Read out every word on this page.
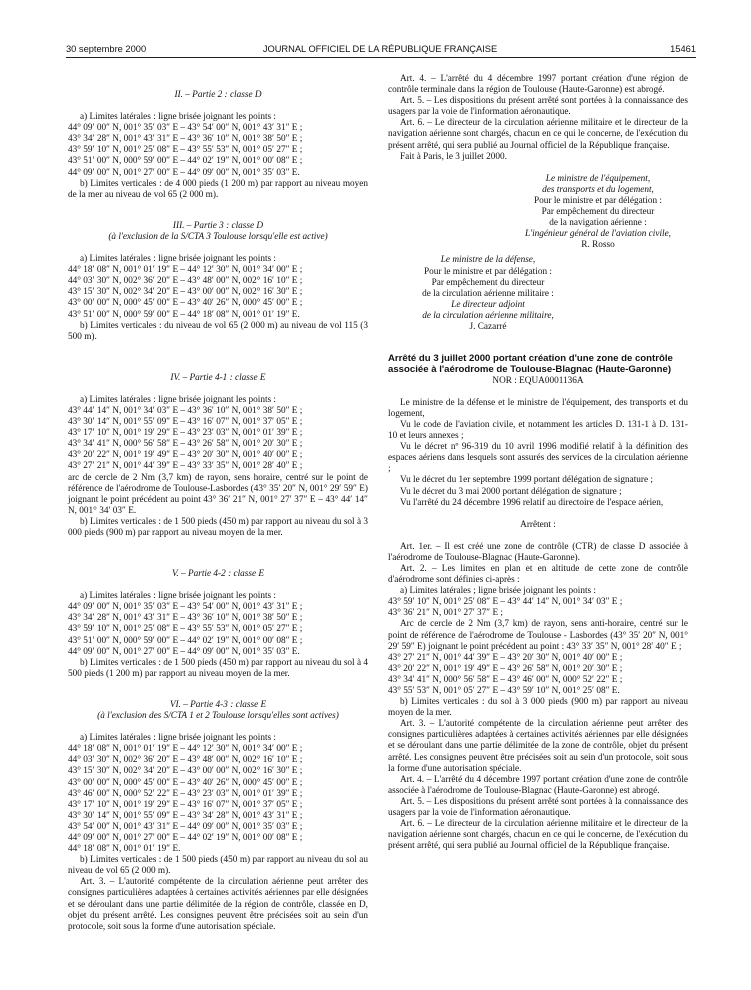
30 septembre 2000	JOURNAL OFFICIEL DE LA RÉPUBLIQUE FRANÇAISE	15461

II. – Partie 2 : classe D

a) Limites latérales : ligne brisée joignant les points :

44° 09′ 00″ N, 001° 35′ 03″ E – 43° 54′ 00″ N, 001° 43′ 31″ E ;

43° 34′ 28″ N, 001° 43′ 31″ E – 43° 36′ 10″ N, 001° 38′ 50″ E ;

43° 59′ 10″ N, 001° 25′ 08″ E – 43° 55′ 53″ N, 001° 05′ 27″ E ;

43° 51′ 00″ N, 000° 59′ 00″ E – 44° 02′ 19″ N, 001° 00′ 08″ E ;

44° 09′ 00″ N, 001° 27′ 00″ E – 44° 09′ 00″ N, 001° 35′ 03″ E.

b) Limites verticales : de 4 000 pieds (1 200 m) par rapport au niveau moyen de la mer au niveau de vol 65 (2 000 m).

III. – Partie 3 : classe D

(à l'exclusion de la S/CTA 3 Toulouse lorsqu'elle est active)

a) Limites latérales : ligne brisée joignant les points :

44° 18′ 08″ N, 001° 01′ 19″ E – 44° 12′ 30″ N, 001° 34′ 00″ E ;

44° 03′ 30″ N, 002° 36′ 20″ E – 43° 48′ 00″ N, 002° 16′ 10″ E ;

43° 15′ 30″ N, 002° 34′ 20″ E – 43° 00′ 00″ N, 002° 16′ 30″ E ;

43° 00′ 00″ N, 000° 45′ 00″ E – 43° 40′ 26″ N, 000° 45′ 00″ E ;

43° 51′ 00″ N, 000° 59′ 00″ E – 44° 18′ 08″ N, 001° 01′ 19″ E.

b) Limites verticales : du niveau de vol 65 (2 000 m) au niveau de vol 115 (3 500 m).

IV. – Partie 4-1 : classe E

a) Limites latérales : ligne brisée joignant les points :

43° 44′ 14″ N, 001° 34′ 03″ E – 43° 36′ 10″ N, 001° 38′ 50″ E ;

43° 30′ 14″ N, 001° 55′ 09″ E – 43° 16′ 07″ N, 001° 37′ 05″ E ;

43° 17′ 10″ N, 001° 19′ 29″ E – 43° 23′ 03″ N, 001° 01′ 39″ E ;

43° 34′ 41″ N, 000° 56′ 58″ E – 43° 26′ 58″ N, 001° 20′ 30″ E ;

43° 20′ 22″ N, 001° 19′ 49″ E – 43° 20′ 30″ N, 001° 40′ 00″ E ;

43° 27′ 21″ N, 001° 44′ 39″ E – 43° 33′ 35″ N, 001° 28′ 40″ E ;

arc de cercle de 2 Nm (3,7 km) de rayon, sens horaire, centré sur le point de référence de l'aérodrome de Toulouse-Lasbordes (43° 35′ 20″ N, 001° 29′ 59″ E) joignant le point précédent au point 43° 36′ 21″ N, 001° 27′ 37″ E – 43° 44′ 14″ N, 001° 34′ 03″ E.

b) Limites verticales : de 1 500 pieds (450 m) par rapport au niveau du sol à 3 000 pieds (900 m) par rapport au niveau moyen de la mer.

V. – Partie 4-2 : classe E

a) Limites latérales : ligne brisée joignant les points :

44° 09′ 00″ N, 001° 35′ 03″ E – 43° 54′ 00″ N, 001° 43′ 31″ E ;

43° 34′ 28″ N, 001° 43′ 31″ E – 43° 36′ 10″ N, 001° 38′ 50″ E ;

43° 59′ 10″ N, 001° 25′ 08″ E – 43° 55′ 53″ N, 001° 05′ 27″ E ;

43° 51′ 00″ N, 000° 59′ 00″ E – 44° 02′ 19″ N, 001° 00′ 08″ E ;

44° 09′ 00″ N, 001° 27′ 00″ E – 44° 09′ 00″ N, 001° 35′ 03″ E.

b) Limites verticales : de 1 500 pieds (450 m) par rapport au niveau du sol à 4 500 pieds (1 200 m) par rapport au niveau moyen de la mer.

VI. – Partie 4-3 : classe E

(à l'exclusion des S/CTA 1 et 2 Toulouse lorsqu'elles sont actives)

a) Limites latérales : ligne brisée joignant les points :

44° 18′ 08″ N, 001° 01′ 19″ E – 44° 12′ 30″ N, 001° 34′ 00″ E ;

44° 03′ 30″ N, 002° 36′ 20″ E – 43° 48′ 00″ N, 002° 16′ 10″ E ;

43° 15′ 30″ N, 002° 34′ 20″ E – 43° 00′ 00″ N, 002° 16′ 30″ E ;

43° 00′ 00″ N, 000° 45′ 00″ E – 43° 40′ 26″ N, 000° 45′ 00″ E ;

43° 46′ 00″ N, 000° 52′ 22″ E – 43° 23′ 03″ N, 001° 01′ 39″ E ;

43° 17′ 10″ N, 001° 19′ 29″ E – 43° 16′ 07″ N, 001° 37′ 05″ E ;

43° 30′ 14″ N, 001° 55′ 09″ E – 43° 34′ 28″ N, 001° 43′ 31″ E ;

43° 54′ 00″ N, 001° 43′ 31″ E – 44° 09′ 00″ N, 001° 35′ 03″ E ;

44° 09′ 00″ N, 001° 27′ 00″ E – 44° 02′ 19″ N, 001° 00′ 08″ E ;

44° 18′ 08″ N, 001° 01′ 19″ E.

b) Limites verticales : de 1 500 pieds (450 m) par rapport au niveau du sol au niveau de vol 65 (2 000 m).

Art. 3. – L'autorité compétente de la circulation aérienne peut arrêter des consignes particulières adaptées à certaines activités aériennes par elle désignées et se déroulant dans une partie délimitée de la région de contrôle, classée en D, objet du présent arrêté. Les consignes peuvent être précisées soit au sein d'un protocole, soit sous la forme d'une autorisation spéciale.

Art. 4. – L'arrêté du 4 décembre 1997 portant création d'une région de contrôle terminale dans la région de Toulouse (Haute-Garonne) est abrogé.

Art. 5. – Les dispositions du présent arrêté sont portées à la connaissance des usagers par la voie de l'information aéronautique.

Art. 6. – Le directeur de la circulation aérienne militaire et le directeur de la navigation aérienne sont chargés, chacun en ce qui le concerne, de l'exécution du présent arrêté, qui sera publié au Journal officiel de la République française.

Fait à Paris, le 3 juillet 2000.

Le ministre de l'équipement,

des transports et du logement,

Pour le ministre et par délégation :

Par empêchement du directeur

de la navigation aérienne :

L'ingénieur général de l'aviation civile,

R. Rosso

Le ministre de la défense,

Pour le ministre et par délégation :

Par empêchement du directeur

de la circulation aérienne militaire :

Le directeur adjoint

de la circulation aérienne militaire,

J. Cazarré

Arrêté du 3 juillet 2000 portant création d'une zone de contrôle associée à l'aérodrome de Toulouse-Blagnac (Haute-Garonne)

NOR : EQUA0001136A

Le ministre de la défense et le ministre de l'équipement, des transports et du logement,

Vu le code de l'aviation civile, et notamment les articles D. 131-1 à D. 131-10 et leurs annexes ;

Vu le décret nº 96-319 du 10 avril 1996 modifié relatif à la définition des espaces aériens dans lesquels sont assurés des services de la circulation aérienne ;

Vu le décret du 1er septembre 1999 portant délégation de signature ;

Vu le décret du 3 mai 2000 portant délégation de signature ;

Vu l'arrêté du 24 décembre 1996 relatif au directoire de l'espace aérien,

Arrêtent :

Art. 1er. – Il est créé une zone de contrôle (CTR) de classe D associée à l'aérodrome de Toulouse-Blagnac (Haute-Garonne).

Art. 2. – Les limites en plan et en altitude de cette zone de contrôle d'aérodrome sont définies ci-après :

a) Limites latérales ; ligne brisée joignant les points :

43° 59′ 10″ N, 001° 25′ 08″ E – 43° 44′ 14″ N, 001° 34′ 03″ E ;

43° 36′ 21″ N, 001° 27′ 37″ E ;

Arc de cercle de 2 Nm (3,7 km) de rayon, sens anti-horaire, centré sur le point de référence de l'aérodrome de Toulouse - Lasbordes (43° 35′ 20″ N, 001° 29′ 59″ E) joignant le point précédent au point : 43° 33′ 35″ N, 001° 28′ 40″ E ;

43° 27′ 21″ N, 001° 44′ 39″ E – 43° 20′ 30″ N, 001° 40′ 00″ E ;

43° 20′ 22″ N, 001° 19′ 49″ E – 43° 26′ 58″ N, 001° 20′ 30″ E ;

43° 34′ 41″ N, 000° 56′ 58″ E – 43° 46′ 00″ N, 000° 52′ 22″ E ;

43° 55′ 53″ N, 001° 05′ 27″ E – 43° 59′ 10″ N, 001° 25′ 08″ E.

b) Limites verticales : du sol à 3 000 pieds (900 m) par rapport au niveau moyen de la mer.

Art. 3. – L'autorité compétente de la circulation aérienne peut arrêter des consignes particulières adaptées à certaines activités aériennes par elle désignées et se déroulant dans une partie délimitée de la zone de contrôle, objet du présent arrêté. Les consignes peuvent être précisées soit au sein d'un protocole, soit sous la forme d'une autorisation spéciale.

Art. 4. – L'arrêté du 4 décembre 1997 portant création d'une zone de contrôle associée à l'aérodrome de Toulouse-Blagnac (Haute-Garonne) est abrogé.

Art. 5. – Les dispositions du présent arrêté sont portées à la connaissance des usagers par la voie de l'information aéronautique.

Art. 6. – Le directeur de la circulation aérienne militaire et le directeur de la navigation aérienne sont chargés, chacun en ce qui le concerne, de l'exécution du présent arrêté, qui sera publié au Journal officiel de la République française.
